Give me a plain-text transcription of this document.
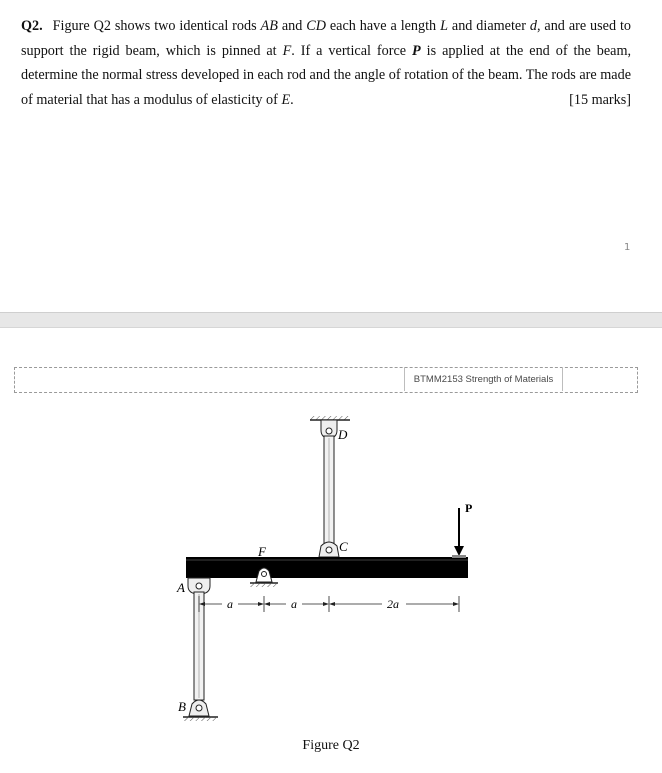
Q2. Figure Q2 shows two identical rods AB and CD each have a length L and diameter d, and are used to support the rigid beam, which is pinned at F. If a vertical force P is applied at the end of the beam, determine the normal stress developed in each rod and the angle of rotation of the beam. The rods are made of material that has a modulus of elasticity of E.	[15 marks]
1
BTMM2153 Strength of Materials
D
C
F
P
A
B
a	a	2a
Figure Q2
